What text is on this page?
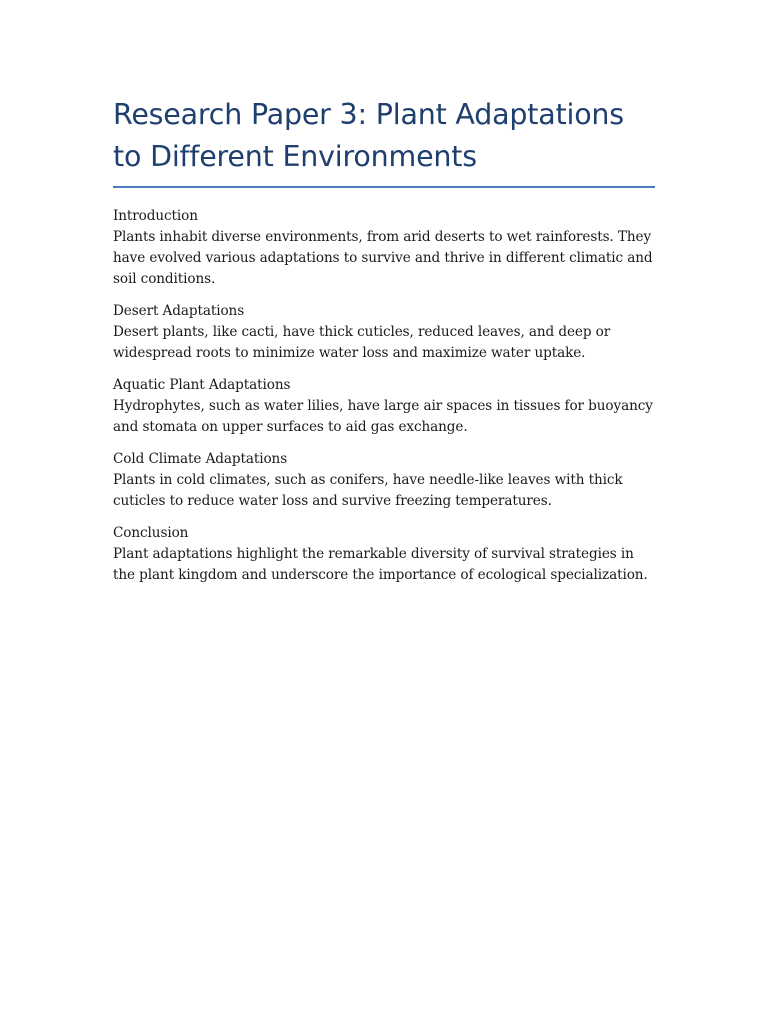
Research Paper 3: Plant Adaptations to Different Environments

Introduction

Plants inhabit diverse environments, from arid deserts to wet rainforests. They have evolved various adaptations to survive and thrive in different climatic and soil conditions.

Desert Adaptations

Desert plants, like cacti, have thick cuticles, reduced leaves, and deep or widespread roots to minimize water loss and maximize water uptake.

Aquatic Plant Adaptations

Hydrophytes, such as water lilies, have large air spaces in tissues for buoyancy and stomata on upper surfaces to aid gas exchange.

Cold Climate Adaptations

Plants in cold climates, such as conifers, have needle-like leaves with thick cuticles to reduce water loss and survive freezing temperatures.

Conclusion

Plant adaptations highlight the remarkable diversity of survival strategies in the plant kingdom and underscore the importance of ecological specialization.
